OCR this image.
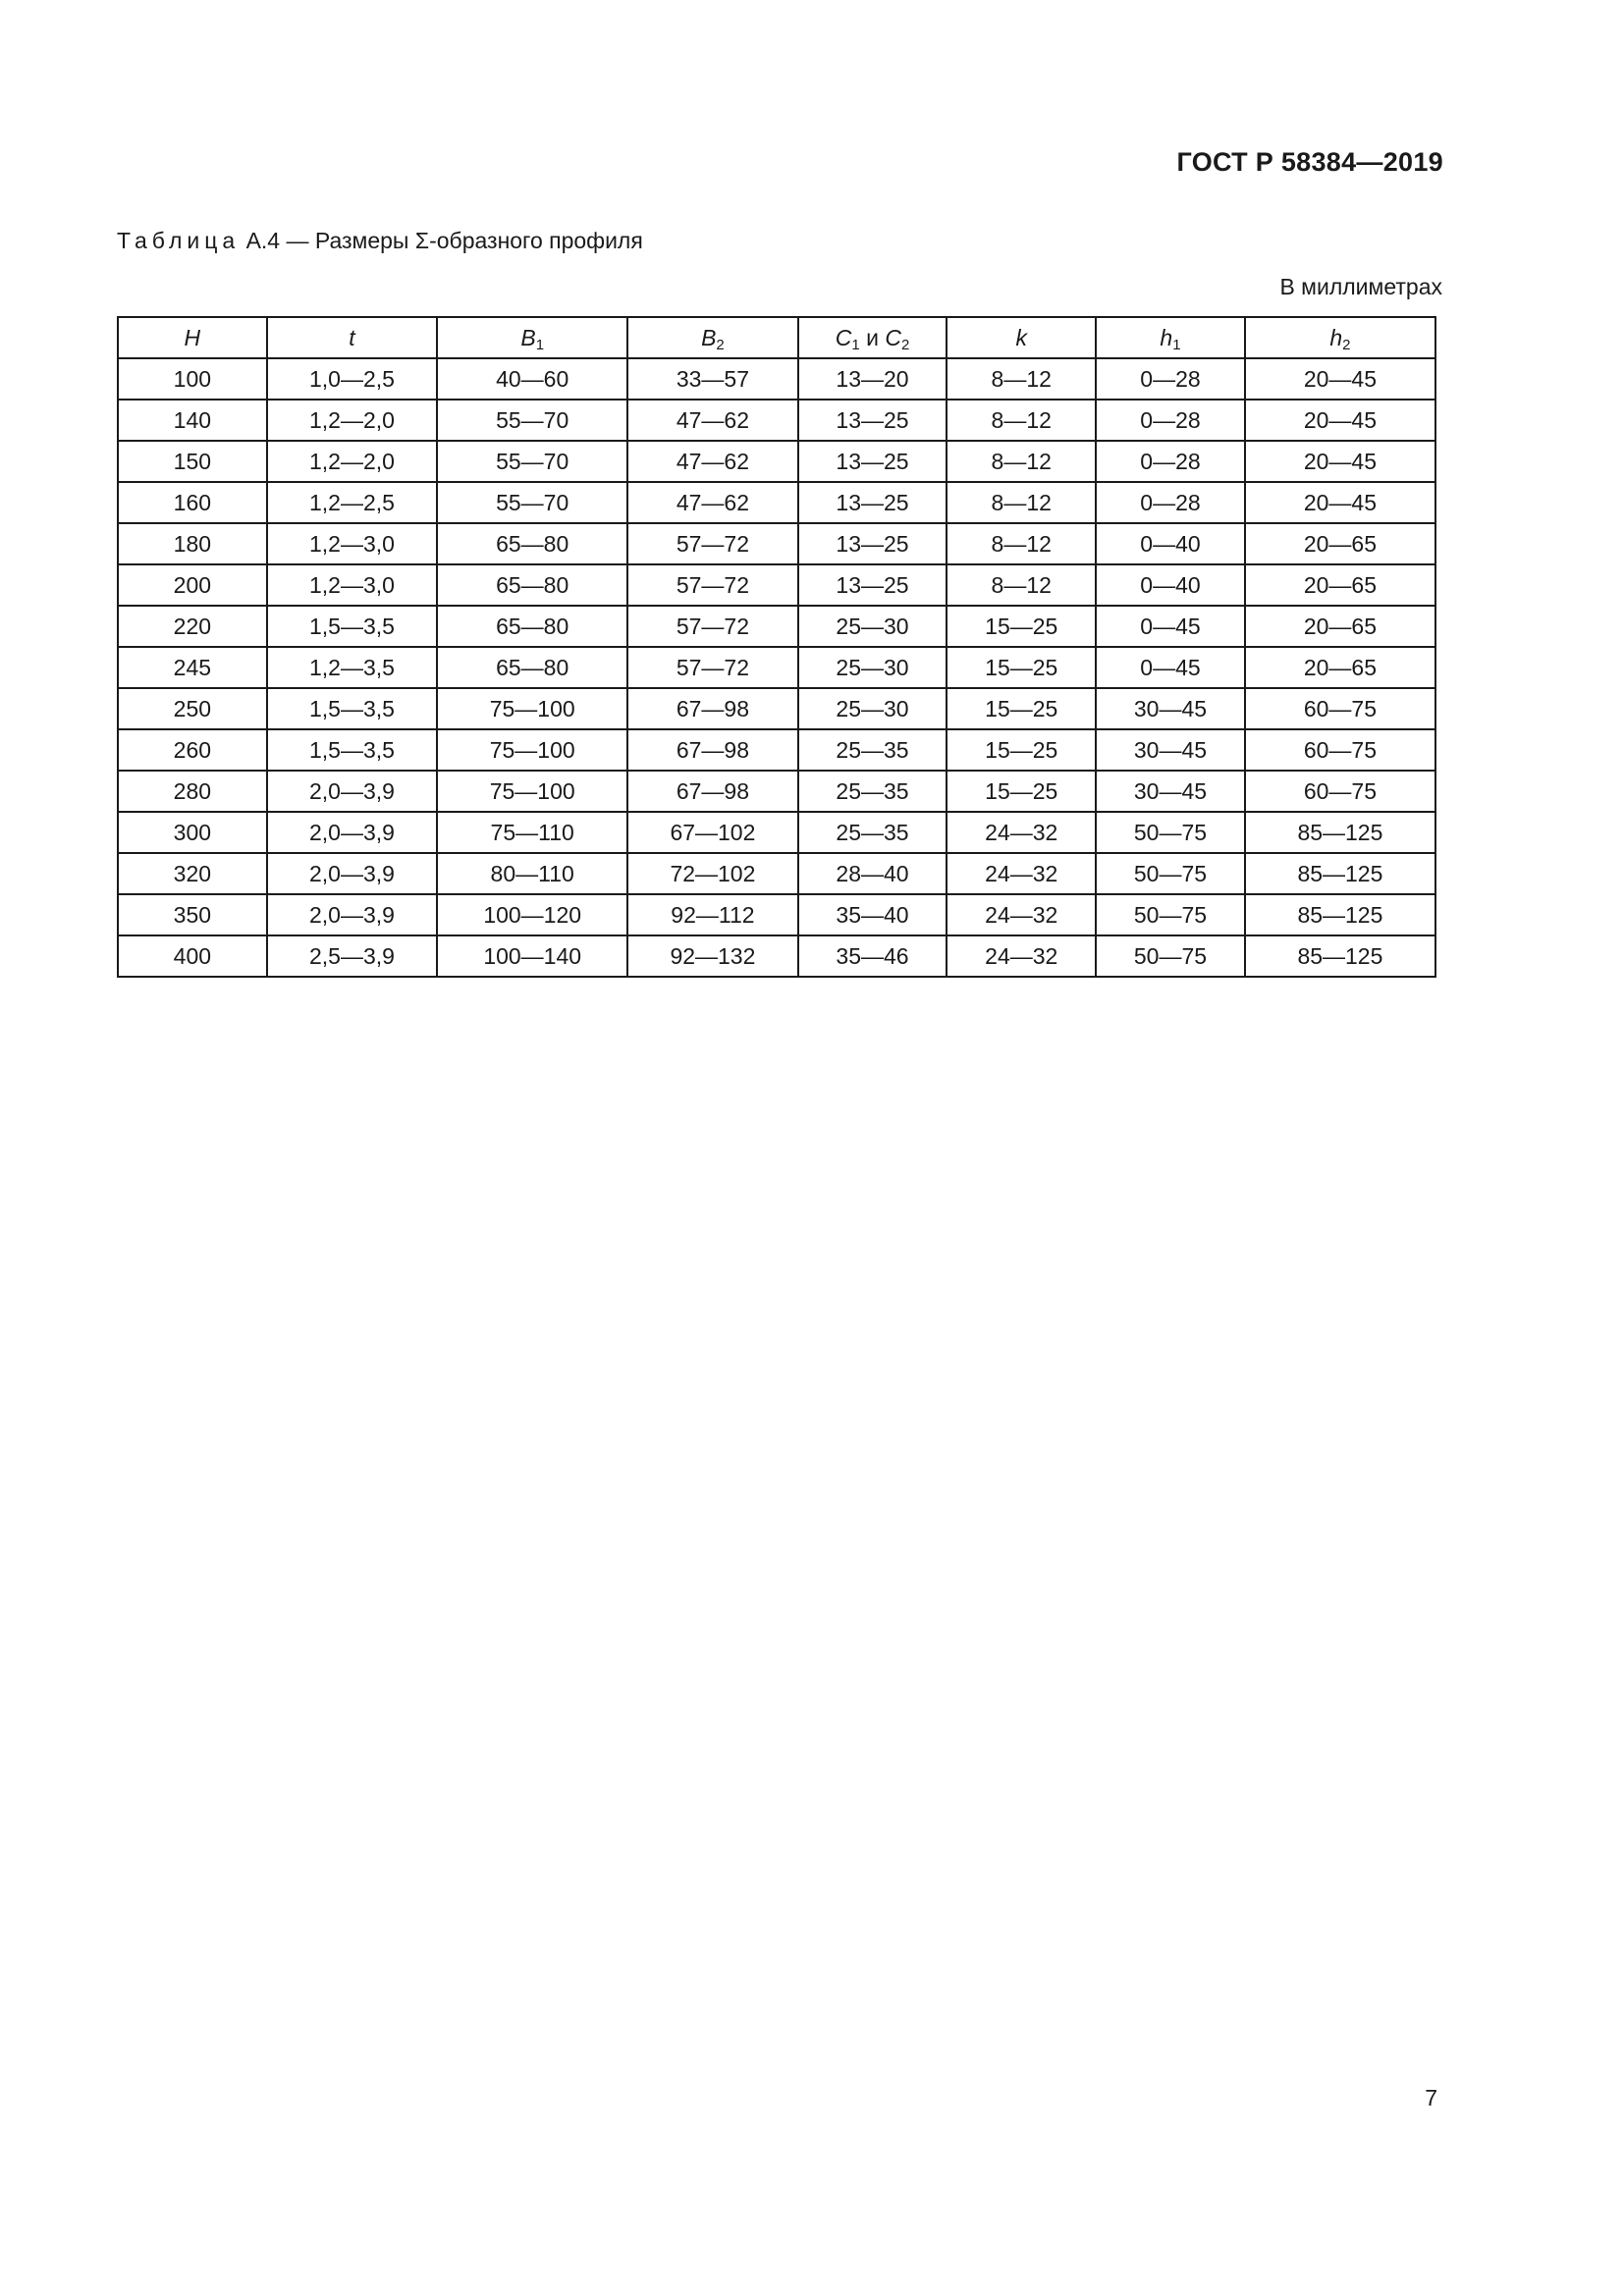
ГОСТ Р 58384—2019
Таблица А.4 — Размеры Σ-образного профиля
В миллиметрах
H	t	$B_1$	$B_2$	$C_1$ и $C_2$	k	$h_1$	$h_2$
100	1,0—2,5	40—60	33—57	13—20	8—12	0—28	20—45
140	1,2—2,0	55—70	47—62	13—25	8—12	0—28	20—45
150	1,2—2,0	55—70	47—62	13—25	8—12	0—28	20—45
160	1,2—2,5	55—70	47—62	13—25	8—12	0—28	20—45
180	1,2—3,0	65—80	57—72	13—25	8—12	0—40	20—65
200	1,2—3,0	65—80	57—72	13—25	8—12	0—40	20—65
220	1,5—3,5	65—80	57—72	25—30	15—25	0—45	20—65
245	1,2—3,5	65—80	57—72	25—30	15—25	0—45	20—65
250	1,5—3,5	75—100	67—98	25—30	15—25	30—45	60—75
260	1,5—3,5	75—100	67—98	25—35	15—25	30—45	60—75
280	2,0—3,9	75—100	67—98	25—35	15—25	30—45	60—75
300	2,0—3,9	75—110	67—102	25—35	24—32	50—75	85—125
320	2,0—3,9	80—110	72—102	28—40	24—32	50—75	85—125
350	2,0—3,9	100—120	92—112	35—40	24—32	50—75	85—125
400	2,5—3,9	100—140	92—132	35—46	24—32	50—75	85—125
7
